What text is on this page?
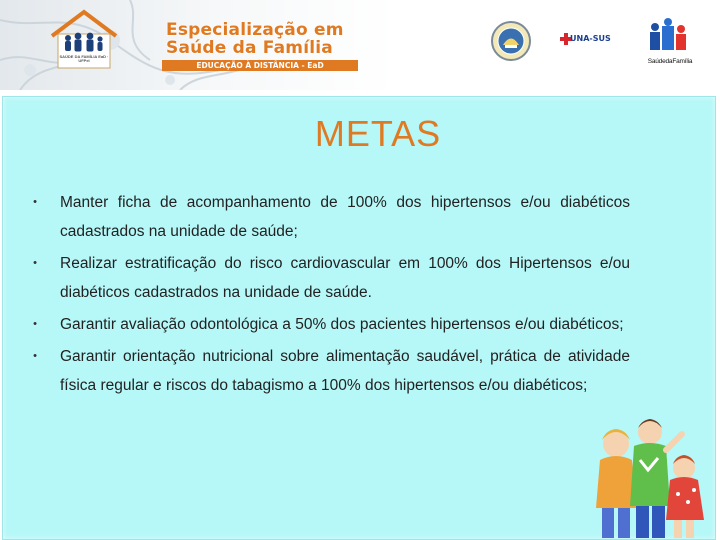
SAÚDE DA FAMÍLIA EaD · UFPel
Especialização em
Saúde da Família
EDUCAÇÃO À DISTÂNCIA - EaD
UNA-SUS
SaúdedaFamília
METAS
• Manter ficha de acompanhamento de 100% dos hipertensos e/ou diabéticos cadastrados na unidade de saúde;
• Realizar estratificação do risco cardiovascular em 100% dos Hipertensos e/ou diabéticos cadastrados na unidade de saúde.
• Garantir avaliação odontológica a 50% dos pacientes hipertensos e/ou diabéticos;
• Garantir orientação nutricional sobre alimentação saudável, prática de atividade física regular e riscos do tabagismo a 100% dos hipertensos e/ou diabéticos;
